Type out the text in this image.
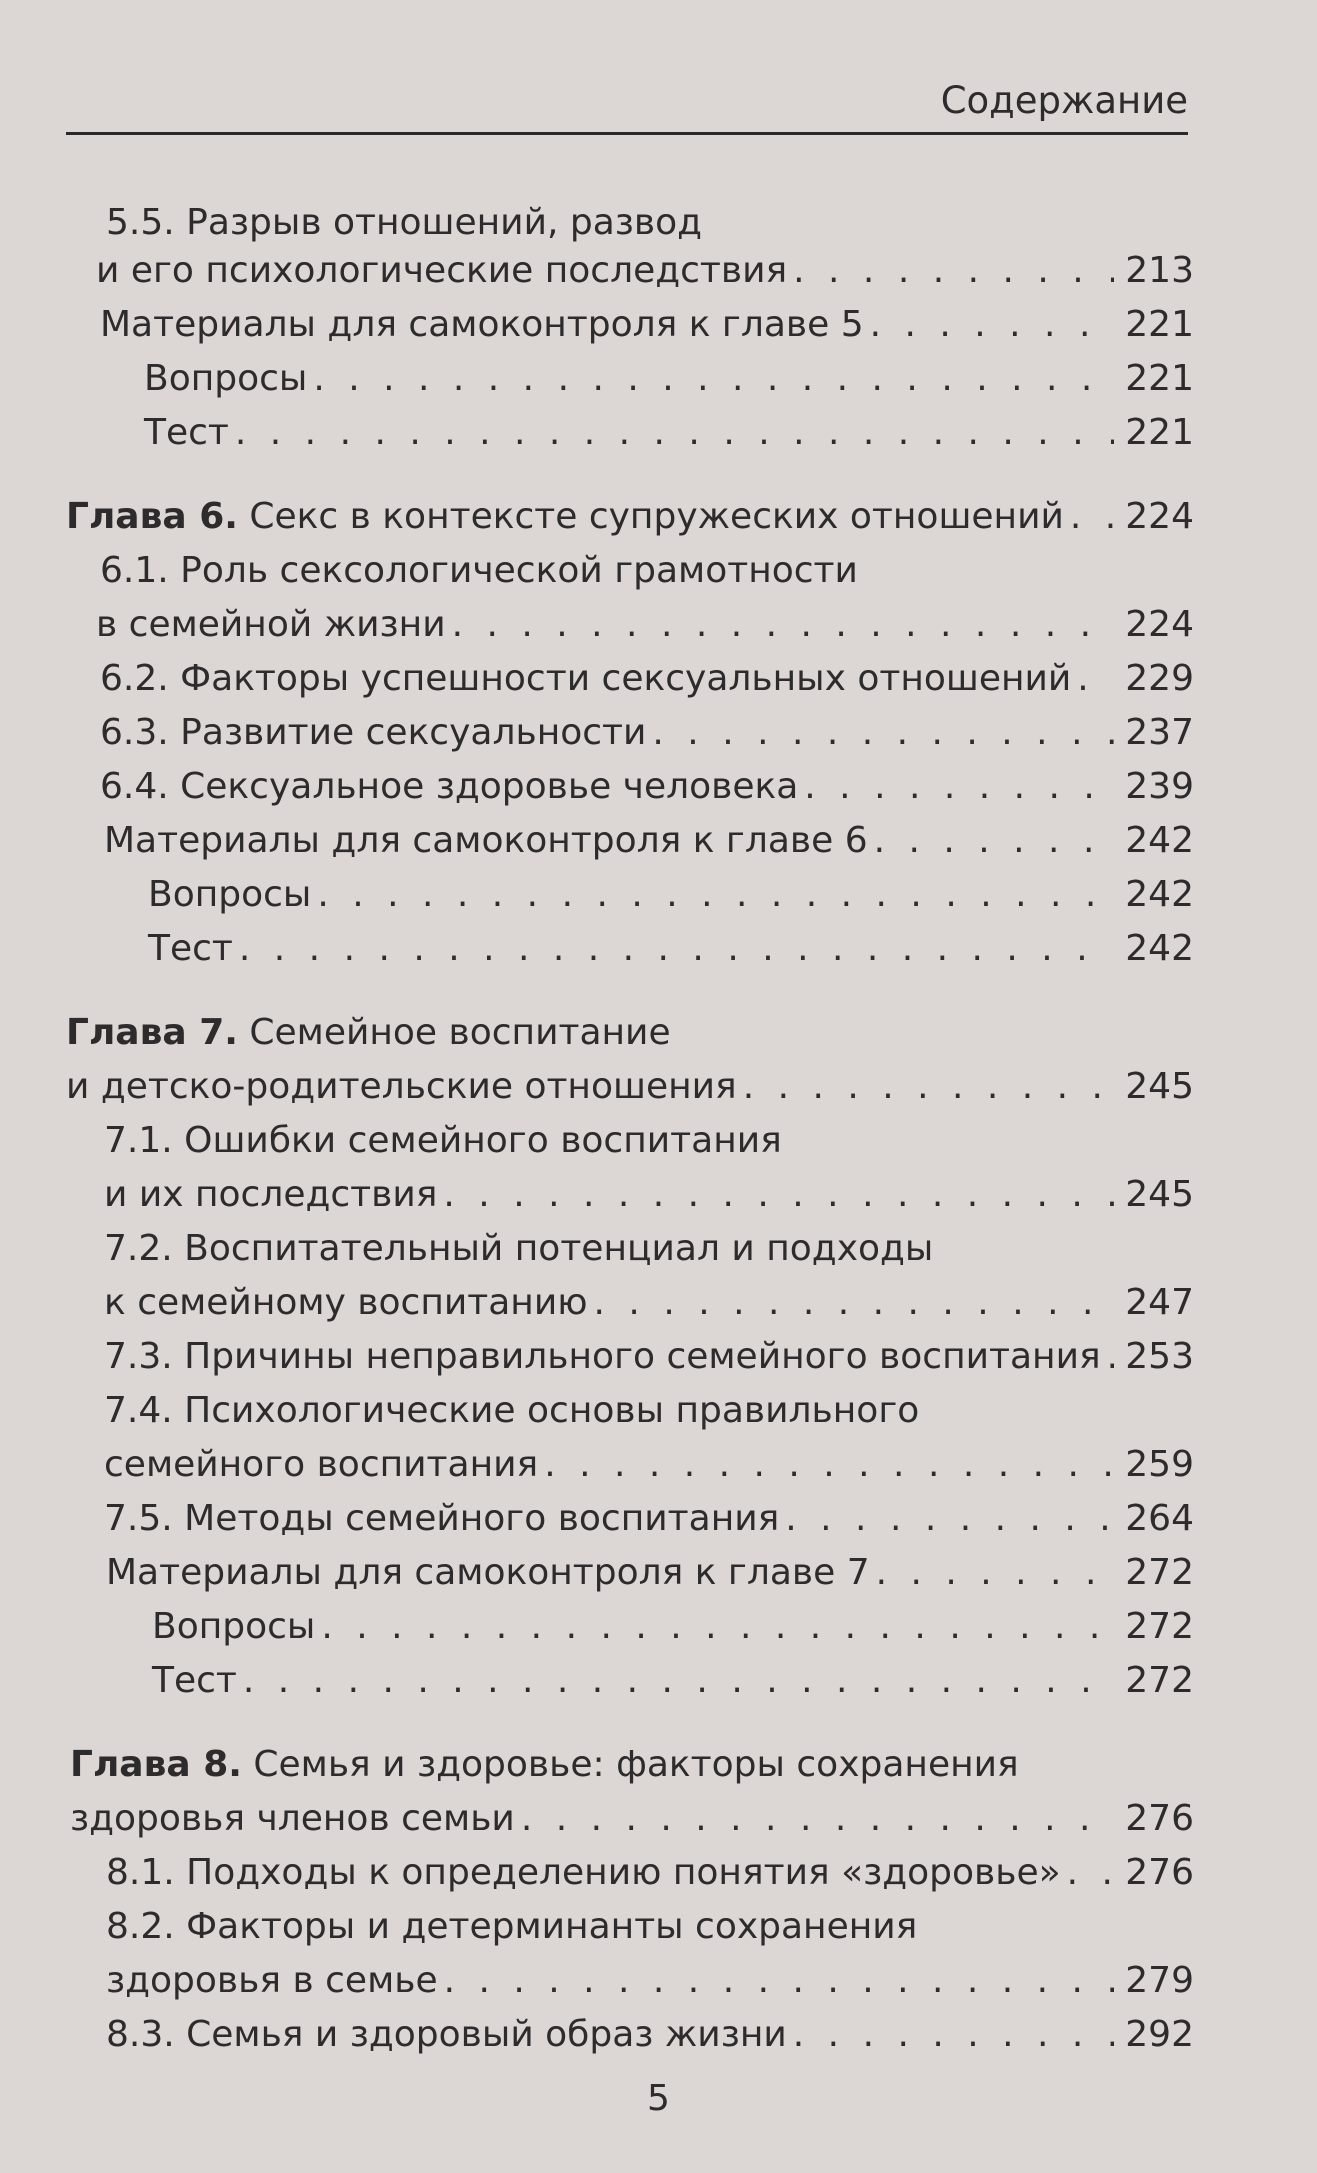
Содержание
5.5. Разрыв отношений, развод
и его психологические последствия . . .	213
Материалы для самоконтроля к главе 5 . . .	221
Вопросы . . .	221
Тест . . .	221
Глава 6. Секс в контексте супружеских отношений . . . 224
6.1. Роль сексологической грамотности
в семейной жизни . . .	224
6.2. Факторы успешности сексуальных отношений . . . 229
6.3. Развитие сексуальности . . .	237
6.4. Сексуальное здоровье человека . . .	239
Материалы для самоконтроля к главе 6 . . .	242
Вопросы . . .	242
Тест . . .	242
Глава 7. Семейное воспитание
и детско-родительские отношения . . .	245
7.1. Ошибки семейного воспитания
и их последствия . . .	245
7.2. Воспитательный потенциал и подходы
к семейному воспитанию . . .	247
7.3. Причины неправильного семейного воспитания . . . 253
7.4. Психологические основы правильного
семейного воспитания . . .	259
7.5. Методы семейного воспитания . . .	264
Материалы для самоконтроля к главе 7 . . .	272
Вопросы . . .	272
Тест . . .	272
Глава 8. Семья и здоровье: факторы сохранения
здоровья членов семьи . . .	276
8.1. Подходы к определению понятия «здоровье» . . . 276
8.2. Факторы и детерминанты сохранения
здоровья в семье . . .	279
8.3. Семья и здоровый образ жизни . . .	292
5
